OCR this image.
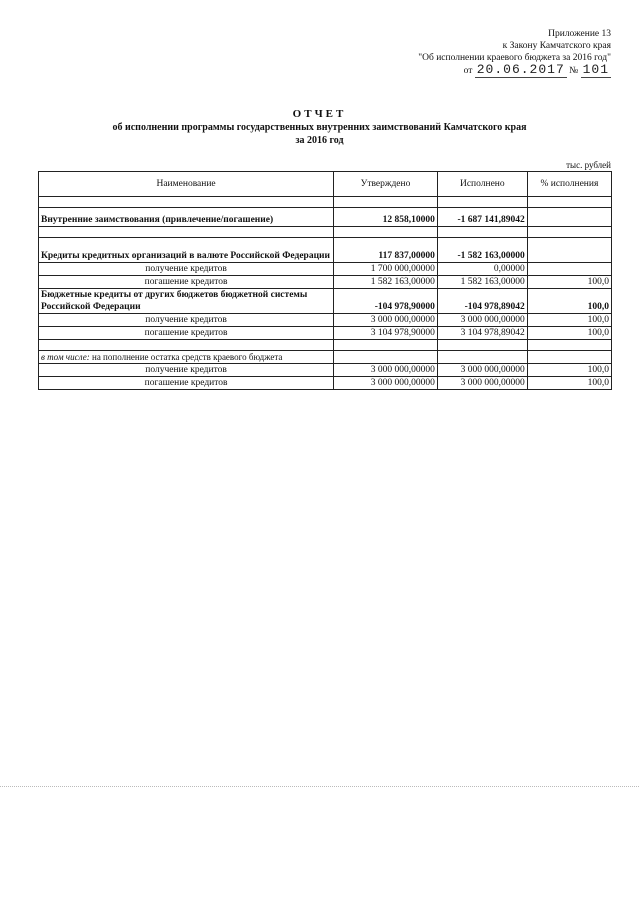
Приложение 13
к Закону Камчатского края
"Об исполнении краевого бюджета за 2016 год"
от 20.06.2017 № 101
ОТЧЕТ
об исполнении программы государственных внутренних заимствований Камчатского края
за 2016 год
тыс. рублей
Наименование	Утверждено	Исполнено	% исполнения

Внутренние заимствования (привлечение/погашение)	12 858,10000	-1 687 141,89042	

Кредиты кредитных организаций в валюте Российской Федерации	117 837,00000	-1 582 163,00000	
получение кредитов	1 700 000,00000	0,00000	
погашение кредитов	1 582 163,00000	1 582 163,00000	100,0
Бюджетные кредиты от других бюджетов бюджетной системы Российской Федерации	-104 978,90000	-104 978,89042	100,0
получение кредитов	3 000 000,00000	3 000 000,00000	100,0
погашение кредитов	3 104 978,90000	3 104 978,89042	100,0

в том числе: на пополнение остатка средств краевого бюджета			
получение кредитов	3 000 000,00000	3 000 000,00000	100,0
погашение кредитов	3 000 000,00000	3 000 000,00000	100,0
